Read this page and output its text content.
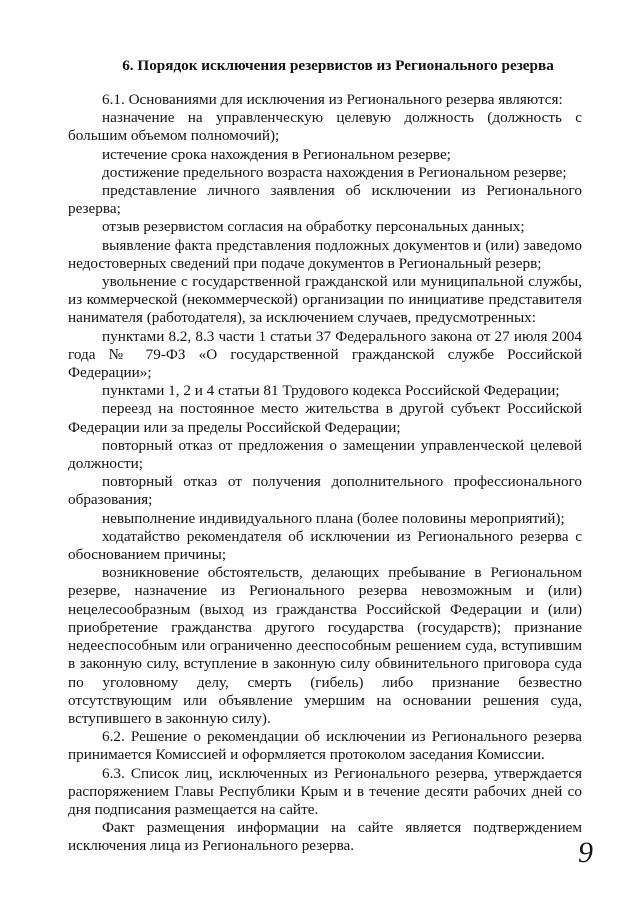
6. Порядок исключения резервистов из Регионального резерва

6.1. Основаниями для исключения из Регионального резерва являются:

назначение на управленческую целевую должность (должность с большим объемом полномочий);

истечение срока нахождения в Региональном резерве;

достижение предельного возраста нахождения в Региональном резерве;

представление личного заявления об исключении из Регионального резерва;

отзыв резервистом согласия на обработку персональных данных;

выявление факта представления подложных документов и (или) заведомо недостоверных сведений при подаче документов в Региональный резерв;

увольнение с государственной гражданской или муниципальной службы, из коммерческой (некоммерческой) организации по инициативе представителя нанимателя (работодателя), за исключением случаев, предусмотренных:

пунктами 8.2, 8.3 части 1 статьи 37 Федерального закона от 27 июля 2004 года № 79-ФЗ «О государственной гражданской службе Российской Федерации»;

пунктами 1, 2 и 4 статьи 81 Трудового кодекса Российской Федерации;

переезд на постоянное место жительства в другой субъект Российской Федерации или за пределы Российской Федерации;

повторный отказ от предложения о замещении управленческой целевой должности;

повторный отказ от получения дополнительного профессионального образования;

невыполнение индивидуального плана (более половины мероприятий);

ходатайство рекомендателя об исключении из Регионального резерва с обоснованием причины;

возникновение обстоятельств, делающих пребывание в Региональном резерве, назначение из Регионального резерва невозможным и (или) нецелесообразным (выход из гражданства Российской Федерации и (или) приобретение гражданства другого государства (государств); признание недееспособным или ограниченно дееспособным решением суда, вступившим в законную силу, вступление в законную силу обвинительного приговора суда по уголовному делу, смерть (гибель) либо признание безвестно отсутствующим или объявление умершим на основании решения суда, вступившего в законную силу).

6.2. Решение о рекомендации об исключении из Регионального резерва принимается Комиссией и оформляется протоколом заседания Комиссии.

6.3. Список лиц, исключенных из Регионального резерва, утверждается распоряжением Главы Республики Крым и в течение десяти рабочих дней со дня подписания размещается на сайте.

Факт размещения информации на сайте является подтверждением исключения лица из Регионального резерва.	9
